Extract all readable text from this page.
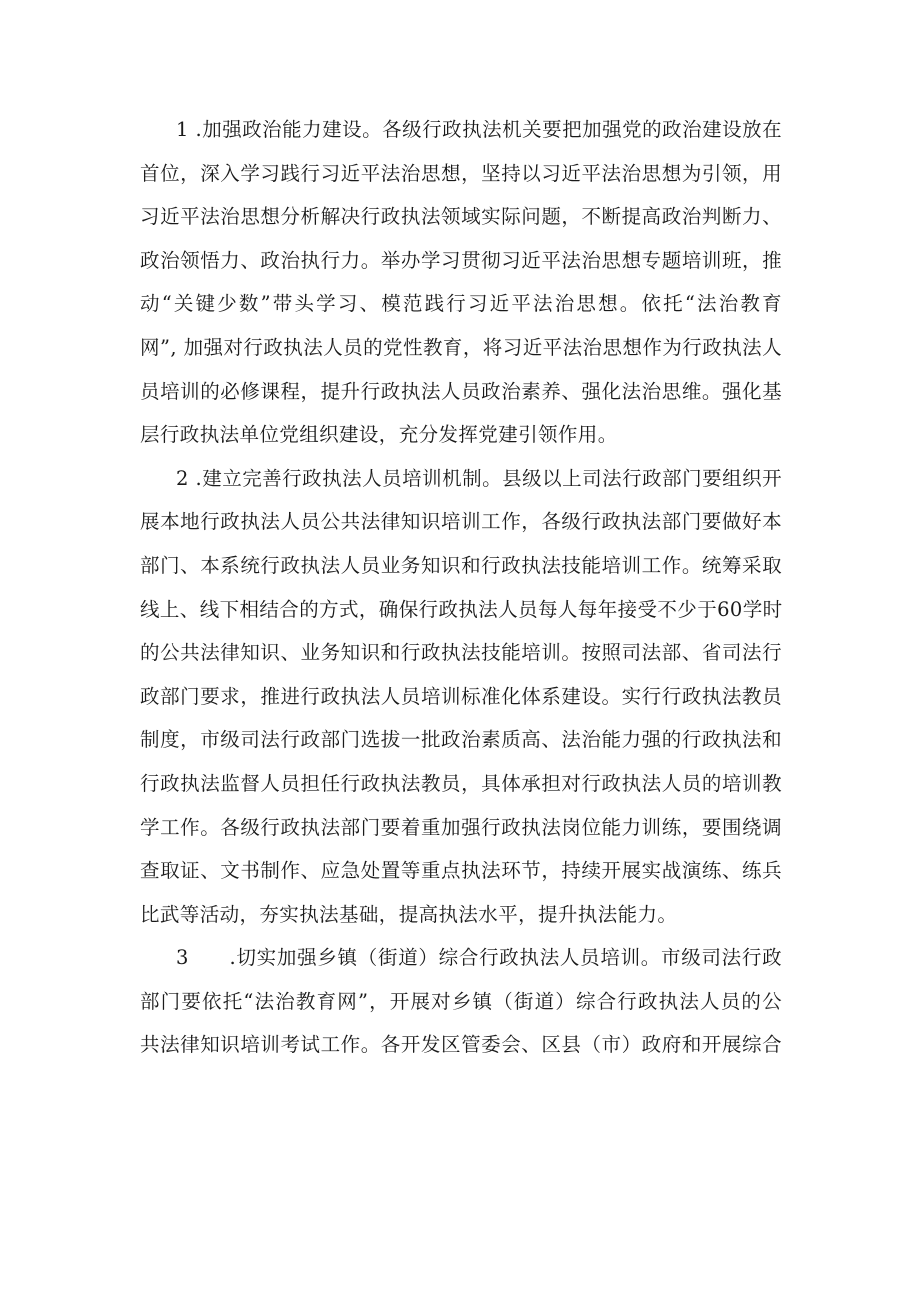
1 .加强政治能力建设。各级行政执法机关要把加强党的政治建设放在
首位，深入学习践行习近平法治思想，坚持以习近平法治思想为引领，用
习近平法治思想分析解决行政执法领域实际问题，不断提高政治判断力、
政治领悟力、政治执行力。举办学习贯彻习近平法治思想专题培训班，推
动“关键少数”带头学习、模范践行习近平法治思想。依托“法治教育
网”, 加强对行政执法人员的党性教育，将习近平法治思想作为行政执法人
员培训的必修课程，提升行政执法人员政治素养、强化法治思维。强化基
层行政执法单位党组织建设，充分发挥党建引领作用。
2 .建立完善行政执法人员培训机制。县级以上司法行政部门要组织开
展本地行政执法人员公共法律知识培训工作，各级行政执法部门要做好本
部门、本系统行政执法人员业务知识和行政执法技能培训工作。统筹采取
线上、线下相结合的方式，确保行政执法人员每人每年接受不少于60学时
的公共法律知识、业务知识和行政执法技能培训。按照司法部、省司法行
政部门要求，推进行政执法人员培训标准化体系建设。实行行政执法教员
制度，市级司法行政部门选拔一批政治素质高、法治能力强的行政执法和
行政执法监督人员担任行政执法教员，具体承担对行政执法人员的培训教
学工作。各级行政执法部门要着重加强行政执法岗位能力训练，要围绕调
查取证、文书制作、应急处置等重点执法环节，持续开展实战演练、练兵
比武等活动，夯实执法基础，提高执法水平，提升执法能力。
3　　.切实加强乡镇（街道）综合行政执法人员培训。市级司法行政
部门要依托“法治教育网”，开展对乡镇（街道）综合行政执法人员的公
共法律知识培训考试工作。各开发区管委会、区县（市）政府和开展综合
